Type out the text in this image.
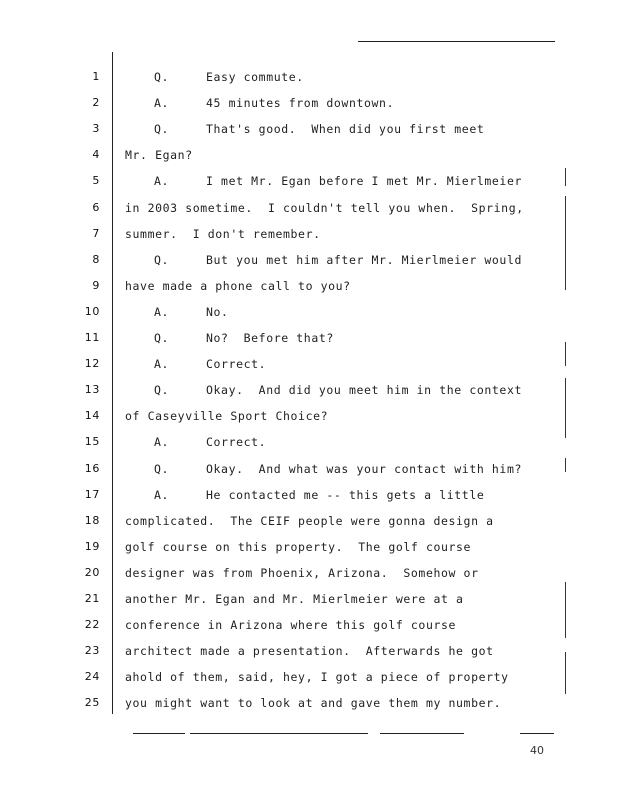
1	Q.	Easy commute.
2	A.	45 minutes from downtown.
3	Q.	That's good.  When did you first meet
4 Mr. Egan?
5	A.	I met Mr. Egan before I met Mr. Mierlmeier
6 in 2003 sometime.  I couldn't tell you when.  Spring,
7 summer.  I don't remember.
8	Q.	But you met him after Mr. Mierlmeier would
9 have made a phone call to you?
10	A.	No.
11	Q.	No?  Before that?
12	A.	Correct.
13	Q.	Okay.  And did you meet him in the context
14 of Caseyville Sport Choice?
15	A.	Correct.
16	Q.	Okay.  And what was your contact with him?
17	A.	He contacted me -- this gets a little
18 complicated.  The CEIF people were gonna design a
19 golf course on this property.  The golf course
20 designer was from Phoenix, Arizona.  Somehow or
21 another Mr. Egan and Mr. Mierlmeier were at a
22 conference in Arizona where this golf course
23 architect made a presentation.  Afterwards he got
24 ahold of them, said, hey, I got a piece of property
25 you might want to look at and gave them my number.
40
